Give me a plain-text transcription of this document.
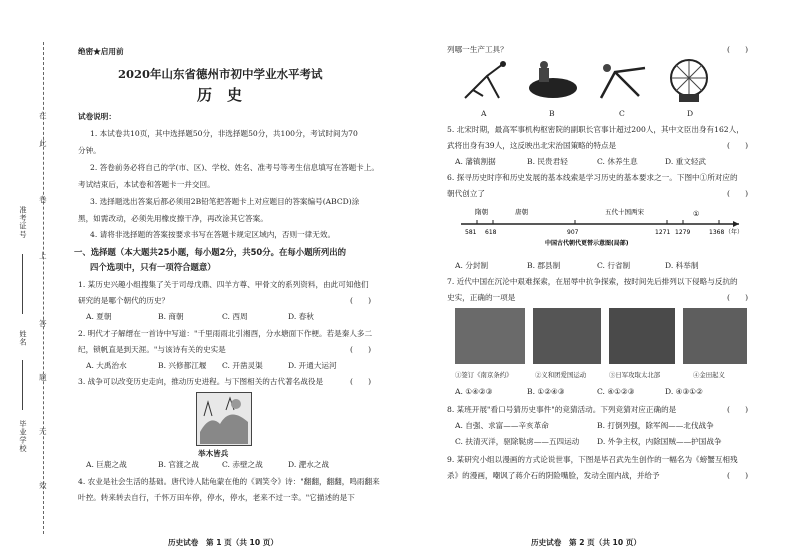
在
此
卷
上
答
题
无
效
准考证号
姓名
毕业学校
绝密★启用前
2020年山东省德州市初中学业水平考试
历　史
试卷说明：
1. 本试卷共10页，其中选择题50分，非选择题50分，共100分，考试时间为70
分钟。
2. 答卷前务必将自己的学(市、区)、学校、姓名、准考号等考生信息填写在答题卡上。
考试结束后，本试卷和答题卡一并交回。
3. 选择题选出答案后都必须用2B铅笔把答题卡上对应题目的答案编号(ABCD)涂
黑，如需改动，必须先用橡皮擦干净，再改涂其它答案。
4. 请将非选择题的答案按要求书写在答题卡规定区域内，否则一律无效。
一、选择题（本大题共25小题，每小题2分，共50分。在每小题所列出的
四个选项中，只有一项符合题意）
1. 某历史兴趣小组搜集了关于司母戊鼎、四羊方尊、甲骨文的系列资料，由此可知他们
研究的是哪个朝代的历史？	(　　)
A. 夏朝	B. 商朝	C. 西周	D. 春秋
2. 明代才子解缙在一首诗中写道："千里雨雨北引湘酉，分水塘面下作梗。若是秦人多二
纪，锁帆直是到天涯。"与该诗有关的史实是	(　　)
A. 大禹治水	B. 兴修都江堰 C. 开凿灵渠	D. 开通大运河
3. 战争可以改变历史走向，推动历史进程。与下图相关的古代著名战役是	(　　)
举木皆兵
A. 巨鹿之战	B. 官渡之战	C. 赤壁之战	D. 淝水之战
4. 农业是社会生活的基础。唐代诗人陆龟蒙在他的《调笑令》诗："翻翻，翻翻，鸣雨翻来
叶控。转来转去自行，千怀万田车停，停水，停水，老来不过一幸。"它描述的是下
历史试卷　第 1 页（共 10 页）
列哪一生产工具？	(　　)
A	B	C	D
5. 北宋时期，最高军事机构枢密院的副职长官事计超过200人，其中文臣出身有162人，
武将出身有39人，这反映出北宋治国策略的特点是	(　　)
A. 藩镇割据	B. 民贵君轻	C. 休养生息	D. 重文轻武
6. 探寻历史时序和历史发展的基本线索是学习历史的基本要求之一。下图中①所对应的
朝代创立了	(　　)
隋朝	唐朝	五代十国两宋	①
581 618	907	1271 1279	1368 （年）
中国古代朝代更替示意图(局部)
A. 分封制	B. 郡县制	C. 行省制	D. 科举制
7. 近代中国在沉沦中艰难探索，在屈辱中抗争探索，按时间先后排列以下侵略与反抗的
史实，正确的一项是	(　　)
①签订《南京条约》	②义和团爱国运动	③日军攻取太北部	④金田起义
A. ①④②③	B. ①②④③	C. ④①②③	D. ④③①②
8. 某班开展"看口号猜历史事件"的竞猜活动。下列竞猜对应正确的是	(　　)
A. 自强、求富——辛亥革命	B. 打倒列强，除军阀——北伐战争
C. 扶清灭洋，驱除鞑虏——五四运动 D. 外争主权，内除国贼——护国战争
9. 某研究小组以漫画的方式论说世事，下图是毕召武先生创作的一幅名为《螃蟹互相残
杀》的漫画，嘲讽了蒋介石的阴险嘴脸，发动全面内战，并给予	(　　)
历史试卷　第 2 页（共 10 页）
